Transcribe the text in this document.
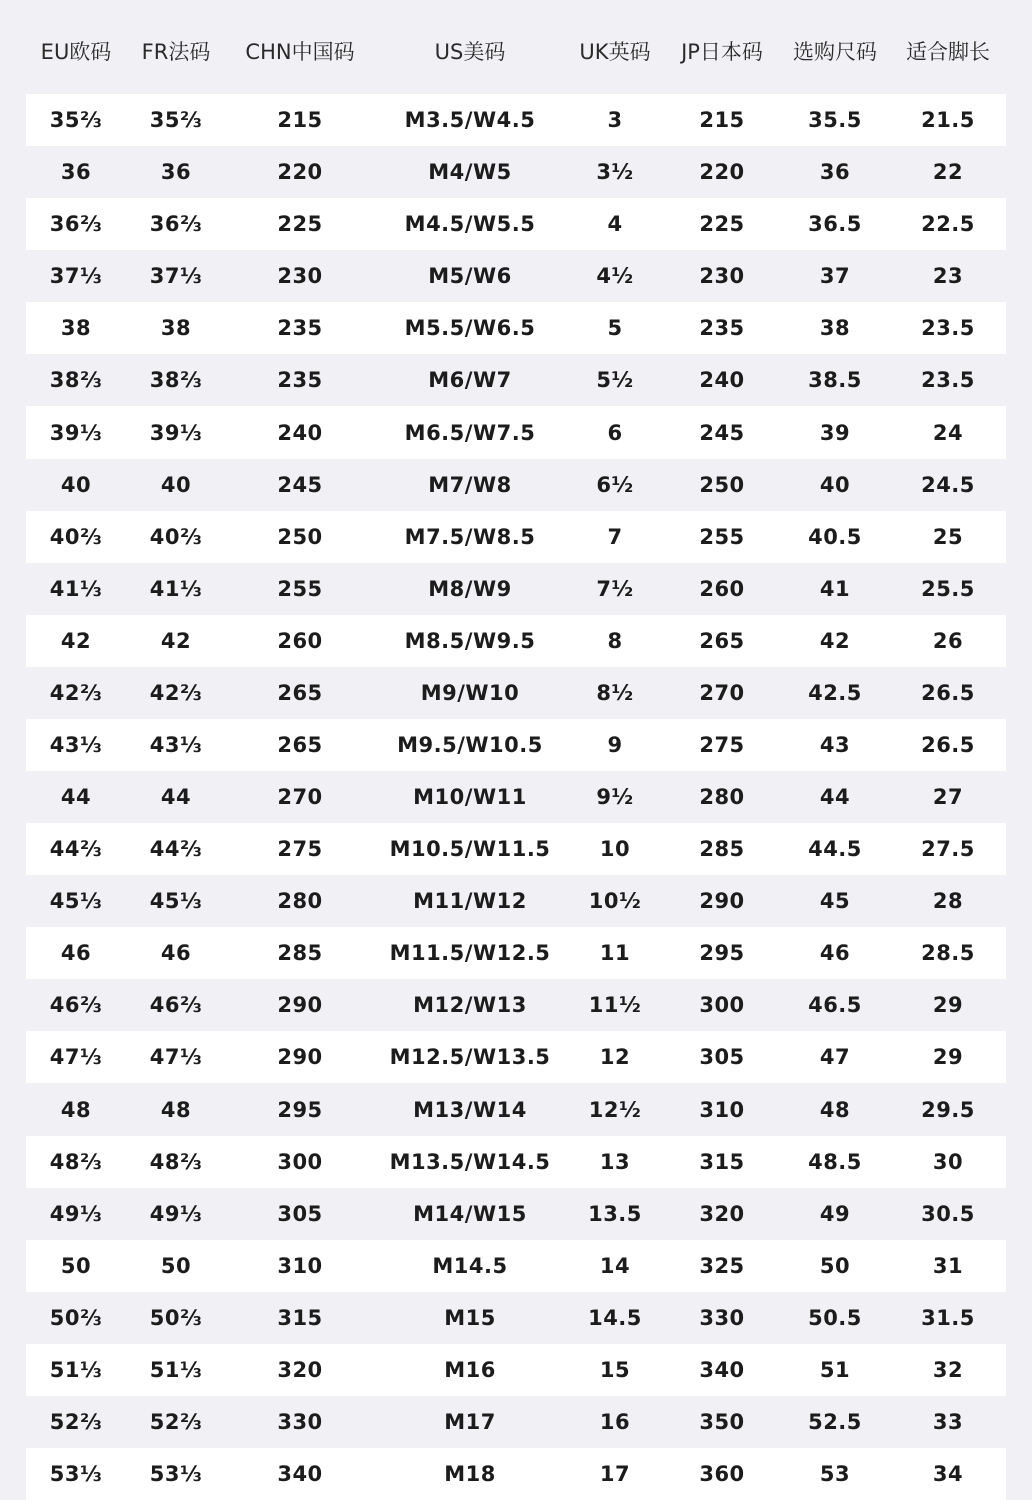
EU欧码	FR法码	CHN中国码	US美码	UK英码	JP日本码	选购尺码	适合脚长
35⅔	35⅔	215	M3.5/W4.5	3	215	35.5	21.5
36	36	220	M4/W5	3½	220	36	22
36⅔	36⅔	225	M4.5/W5.5	4	225	36.5	22.5
37⅓	37⅓	230	M5/W6	4½	230	37	23
38	38	235	M5.5/W6.5	5	235	38	23.5
38⅔	38⅔	235	M6/W7	5½	240	38.5	23.5
39⅓	39⅓	240	M6.5/W7.5	6	245	39	24
40	40	245	M7/W8	6½	250	40	24.5
40⅔	40⅔	250	M7.5/W8.5	7	255	40.5	25
41⅓	41⅓	255	M8/W9	7½	260	41	25.5
42	42	260	M8.5/W9.5	8	265	42	26
42⅔	42⅔	265	M9/W10	8½	270	42.5	26.5
43⅓	43⅓	265	M9.5/W10.5	9	275	43	26.5
44	44	270	M10/W11	9½	280	44	27
44⅔	44⅔	275	M10.5/W11.5	10	285	44.5	27.5
45⅓	45⅓	280	M11/W12	10½	290	45	28
46	46	285	M11.5/W12.5	11	295	46	28.5
46⅔	46⅔	290	M12/W13	11½	300	46.5	29
47⅓	47⅓	290	M12.5/W13.5	12	305	47	29
48	48	295	M13/W14	12½	310	48	29.5
48⅔	48⅔	300	M13.5/W14.5	13	315	48.5	30
49⅓	49⅓	305	M14/W15	13.5	320	49	30.5
50	50	310	M14.5	14	325	50	31
50⅔	50⅔	315	M15	14.5	330	50.5	31.5
51⅓	51⅓	320	M16	15	340	51	32
52⅔	52⅔	330	M17	16	350	52.5	33
53⅓	53⅓	340	M18	17	360	53	34
